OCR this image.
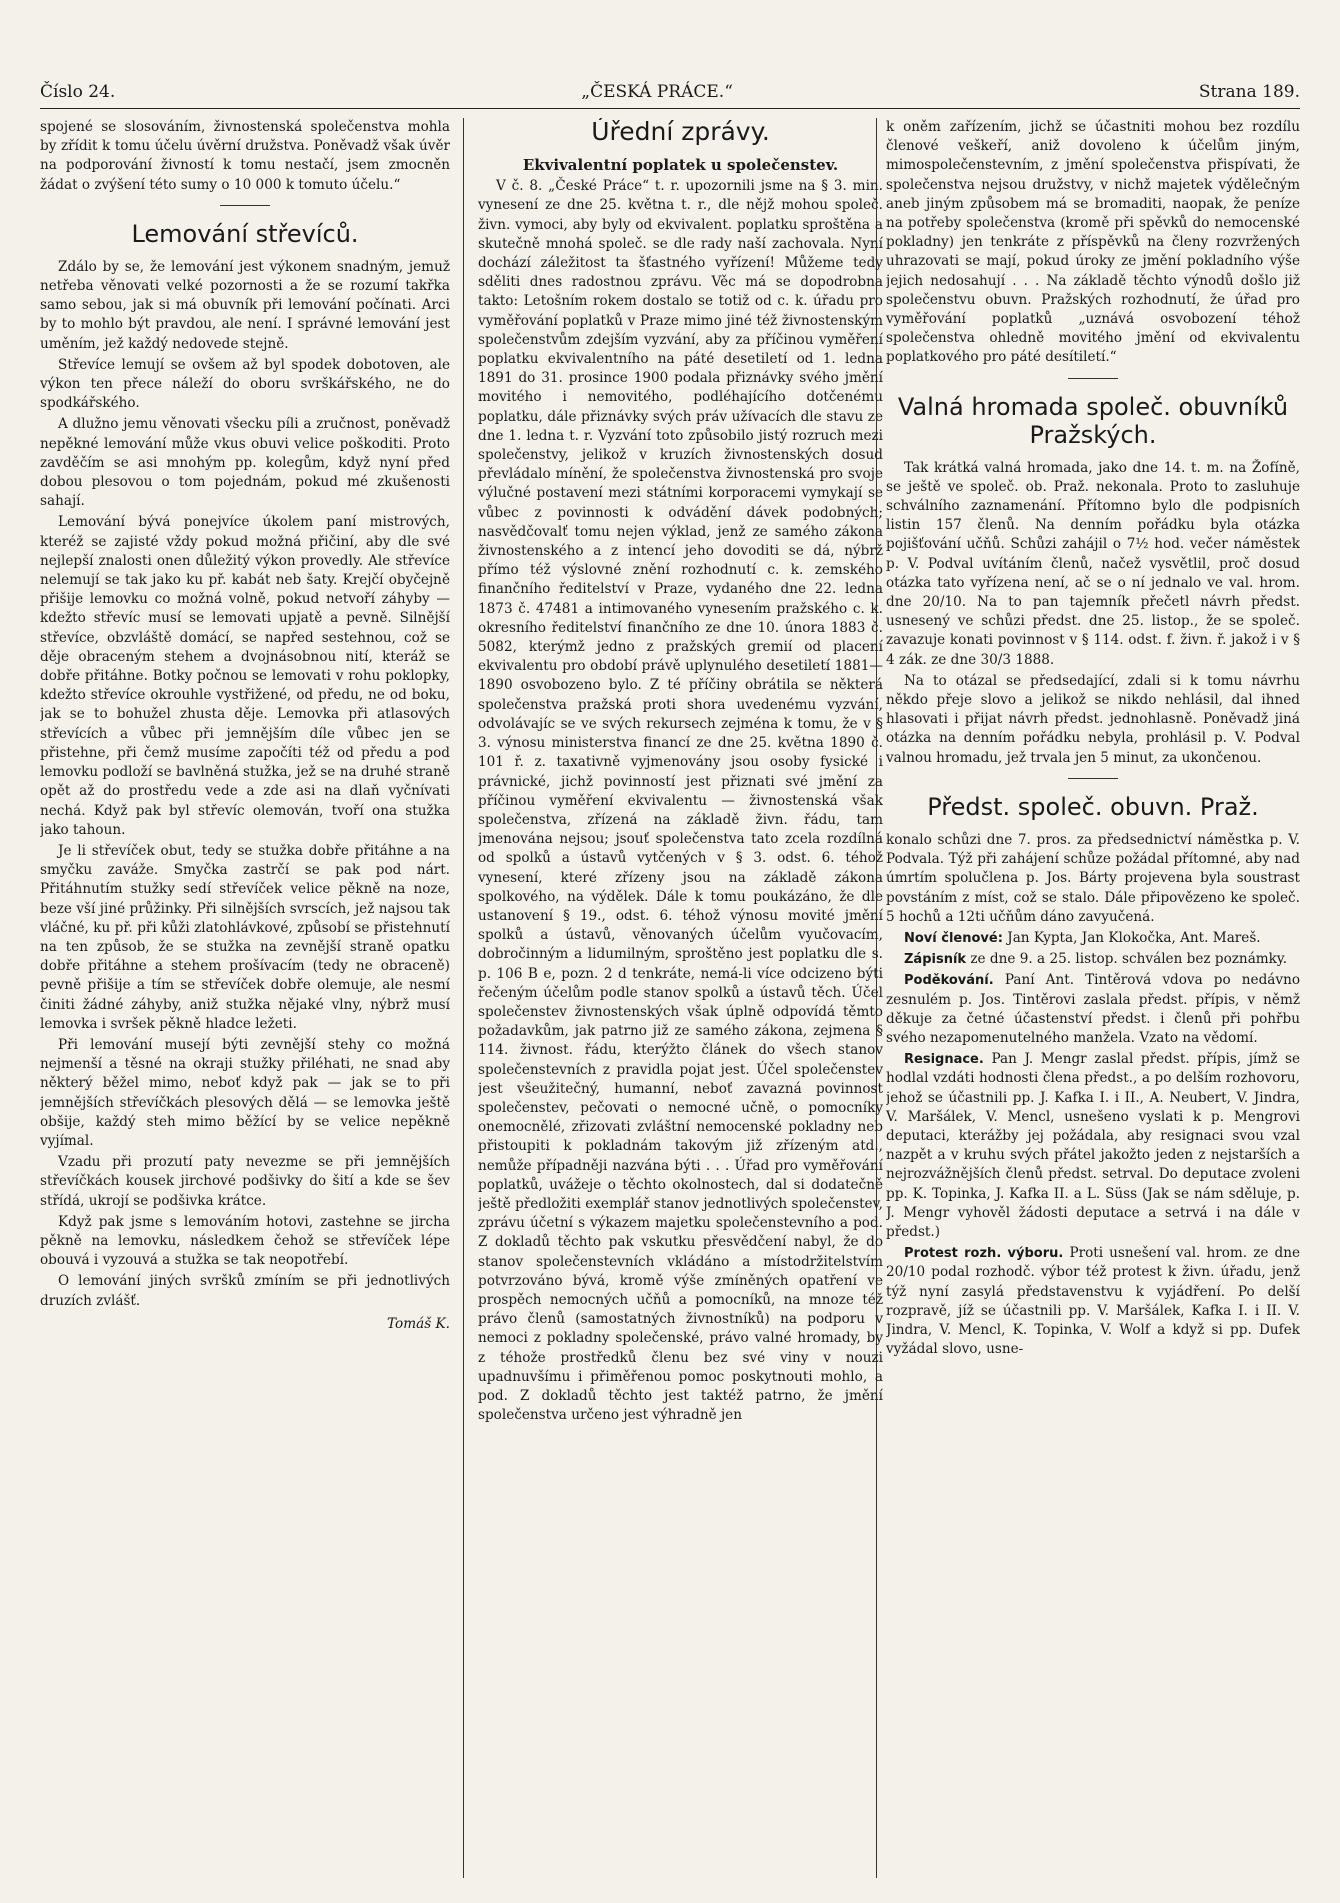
Číslo 24.	„ČESKÁ PRÁCE.“	Strana 189.

spojené se slosováním, živnostenská společenstva mohla by zřídit k tomu účelu úvěrní družstva. Poněvadž však úvěr na podporování živností k tomu nestačí, jsem zmocněn žádat o zvýšení této sumy o 10 000 k tomuto účelu.“

Lemování střevíců.

Zdálo by se, že lemování jest výkonem snadným, jemuž netřeba věnovati velké pozornosti a že se rozumí takřka samo sebou, jak si má obuvník při lemování počínati. Arci by to mohlo být pravdou, ale není. I správné lemování jest uměním, jež každý nedovede stejně.

Střevíce lemují se ovšem až byl spodek dobotoven, ale výkon ten přece náleží do oboru svrškářského, ne do spodkářského.

A dlužno jemu věnovati všecku píli a zručnost, poněvadž nepěkné lemování může vkus obuvi velice poškoditi. Proto zavděčím se asi mnohým pp. kolegům, když nyní před dobou plesovou o tom pojednám, pokud mé zkušenosti sahají.

Lemování bývá ponejvíce úkolem paní mistrových, kteréž se zajisté vždy pokud možná přičiní, aby dle své nejlepší znalosti onen důležitý výkon provedly. Ale střevíce nelemují se tak jako ku př. kabát neb šaty. Krejčí obyčejně přišije lemovku co možná volně, pokud netvoří záhyby — kdežto střevíc musí se lemovati upjatě a pevně. Silnější střevíce, obzvláště domácí, se napřed sestehnou, což se děje obraceným stehem a dvojnásobnou nití, kteráž se dobře přitáhne. Botky počnou se lemovati v rohu poklopky, kdežto střevíce okrouhle vystřižené, od předu, ne od boku, jak se to bohužel zhusta děje. Lemovka při atlasových střevících a vůbec při jemnějším díle vůbec jen se přistehne, při čemž musíme započíti též od předu a pod lemovku podloží se bavlněná stužka, jež se na druhé straně opět až do prostředu vede a zde asi na dlaň vyčnívati nechá. Když pak byl střevíc olemován, tvoří ona stužka jako tahoun.

Je li střevíček obut, tedy se stužka dobře přitáhne a na smyčku zaváže. Smyčka zastrčí se pak pod nárt. Přitáhnutím stužky sedí střevíček velice pěkně na noze, beze vší jiné průžinky. Při silnějších svrscích, jež najsou tak vláčné, ku př. při kůži zlatohlávkové, způsobí se přistehnutí na ten způsob, že se stužka na zevnější straně opatku dobře přitáhne a stehem prošívacím (tedy ne obraceně) pevně přišije a tím se střevíček dobře olemuje, ale nesmí činiti žádné záhyby, aniž stužka nějaké vlny, nýbrž musí lemovka i svršek pěkně hladce ležeti.

Při lemování musejí býti zevnější stehy co možná nejmenší a těsné na okraji stužky přiléhati, ne snad aby některý běžel mimo, neboť když pak — jak se to při jemnějších střevíčkách plesových dělá — se lemovka ještě obšije, každý steh mimo běžící by se velice nepěkně vyjímal.

Vzadu při prozutí paty nevezme se při jemnějších střevíčkách kousek jirchové podšivky do šití a kde se šev střídá, ukrojí se podšivka krátce.

Když pak jsme s lemováním hotovi, zastehne se jircha pěkně na lemovku, následkem čehož se střevíček lépe obouvá i vyzouvá a stužka se tak neopotřebí.

O lemování jiných svršků zmíním se při jednotlivých druzích zvlášť.

Tomáš K.
Úřední zprávy.
Ekvivalentní poplatek u společenstev.

V č. 8. „České Práce“ t. r. upozornili jsme na § 3. min. vynesení ze dne 25. května t. r., dle nějž mohou společ. živn. vymoci, aby byly od ekvivalent. poplatku sproštěna a skutečně mnohá společ. se dle rady naší zachovala. Nyní dochází záležitost ta šťastného vyřízení! Můžeme tedy sděliti dnes radostnou zprávu. Věc má se dopodrobna takto: Letošním rokem dostalo se totiž od c. k. úřadu pro vyměřování poplatků v Praze mimo jiné též živnostenským společenstvům zdejším vyzvání, aby za příčinou vyměření poplatku ekvivalentního na páté desetiletí od 1. ledna 1891 do 31. prosince 1900 podala přiznávky svého jmění movitého i nemovitého, podléhajícího dotčenému poplatku, dále přiznávky svých práv užívacích dle stavu ze dne 1. ledna t. r. Vyzvání toto způsobilo jistý rozruch mezi společenstvy, jelikož v kruzích živnostenských dosud převládalo mínění, že společenstva živnostenská pro svoje výlučné postavení mezi státními korporacemi vymykají se vůbec z povinnosti k odvádění dávek podobných; nasvědčovalť tomu nejen výklad, jenž ze samého zákona živnostenského a z intencí jeho dovoditi se dá, nýbrž přímo též výslovné znění rozhodnutí c. k. zemského finančního ředitelství v Praze, vydaného dne 22. ledna 1873 č. 47481 a intimovaného vynesením pražského c. k. okresního ředitelství finančního ze dne 10. února 1883 č. 5082, kterýmž jedno z pražských gremií od placení ekvivalentu pro období právě uplynulého desetiletí 1881—1890 osvobozeno bylo. Z té příčiny obrátila se některá společenstva pražská proti shora uvedenému vyzvání, odvolávajíc se ve svých rekursech zejména k tomu, že v § 3. výnosu ministerstva financí ze dne 25. května 1890 č. 101 ř. z. taxativně vyjmenovány jsou osoby fysické i právnické, jichž povinností jest přiznati své jmění za příčinou vyměření ekvivalentu — živnostenská však společenstva, zřízená na základě živn. řádu, tam jmenována nejsou; jsouť společenstva tato zcela rozdílná od spolků a ústavů vytčených v § 3. odst. 6. téhož vynesení, které zřízeny jsou na základě zákona spolkového, na výdělek. Dále k tomu poukázáno, že dle ustanovení § 19., odst. 6. téhož výnosu movité jmění spolků a ústavů, věnovaných účelům vyučovacím, dobročinným a lidumilným, sproštěno jest poplatku dle s. p. 106 B e, pozn. 2 d tenkráte, nemá-li více odcizeno býti řečeným účelům podle stanov spolků a ústavů těch. Účel společenstev živnostenských však úplně odpovídá těmto požadavkům, jak patrno již ze samého zákona, zejmena § 114. živnost. řádu, kterýžto článek do všech stanov společenstevních z pravidla pojat jest. Účel společenstev jest všeužitečný, humanní, neboť zavazná povinnost společenstev, pečovati o nemocné učně, o pomocníky onemocnělé, zřizovati zvláštní nemocenské pokladny neb přistoupiti k pokladnám takovým již zřízeným atd., nemůže případněji nazvána býti . . . Úřad pro vyměřování poplatků, uvážeje o těchto okolnostech, dal si dodatečně ještě předložiti exemplář stanov jednotlivých společenstev, zprávu účetní s výkazem majetku společenstevního a pod. Z dokladů těchto pak vskutku přesvědčení nabyl, že do stanov společenstevních vkládáno a místodržitelstvím potvrzováno bývá, kromě výše zmíněných opatření ve prospěch nemocných učňů a pomocníků, na mnoze též právo členů (samostatných živnostníků) na podporu v nemoci z pokladny společenské, právo valné hromady, by z téhože prostředků členu bez své viny v nouzi upadnuvšímu i přiměřenou pomoc poskytnouti mohlo, a pod. Z dokladů těchto jest taktéž patrno, že jmění společenstva určeno jest výhradně jen

k oněm zařízením, jichž se účastniti mohou bez rozdílu členové veškeří, aniž dovoleno k účelům jiným, mimospolečenstevním, z jmění společenstva přispívati, že společenstva nejsou družstvy, v nichž majetek výdělečným aneb jiným způsobem má se bromaditi, naopak, že peníze na potřeby společenstva (kromě při spěvků do nemocenské pokladny) jen tenkráte z příspěvků na členy rozvržených uhrazovati se mají, pokud úroky ze jmění pokladního výše jejich nedosahují . . . Na základě těchto výnodů došlo již společenstvu obuvn. Pražských rozhodnutí, že úřad pro vyměřování poplatků „uznává osvobození téhož společenstva ohledně movitého jmění od ekvivalentu poplatkového pro páté desítiletí.“

Valná hromada společ. obuvníků Pražských.

Tak krátká valná hromada, jako dne 14. t. m. na Žofíně, se ještě ve společ. ob. Praž. nekonala. Proto to zasluhuje schválního zaznamenání. Přítomno bylo dle podpisních listin 157 členů. Na denním pořádku byla otázka pojišťování učňů. Schůzi zahájil o 7½ hod. večer náměstek p. V. Podval uvítáním členů, načež vysvětlil, proč dosud otázka tato vyřízena není, ač se o ní jednalo ve val. hrom. dne 20/10. Na to pan tajemník přečetl návrh předst. usnesený ve schůzi předst. dne 25. listop., že se společ. zavazuje konati povinnost v § 114. odst. f. živn. ř. jakož i v § 4 zák. ze dne 30/3 1888.

Na to otázal se předsedající, zdali si k tomu návrhu někdo přeje slovo a jelikož se nikdo nehlásil, dal ihned hlasovati i přijat návrh předst. jednohlasně. Poněvadž jiná otázka na denním pořádku nebyla, prohlásil p. V. Podval valnou hromadu, jež trvala jen 5 minut, za ukončenou.

Předst. společ. obuvn. Praž.

konalo schůzi dne 7. pros. za předsednictví náměstka p. V. Podvala. Týž při zahájení schůze požádal přítomné, aby nad úmrtím spolučlena p. Jos. Bárty projevena byla soustrast povstáním z míst, což se stalo. Dále připovězeno ke společ. 5 hochů a 12ti učňům dáno zavyučená.

Noví členové: Jan Kypta, Jan Klokočka, Ant. Mareš.

Zápisník ze dne 9. a 25. listop. schválen bez poznámky.

Poděkování. Paní Ant. Tintěrová vdova po nedávno zesnulém p. Jos. Tintěrovi zaslala předst. přípis, v němž děkuje za četné účastenství předst. i členů při pohřbu svého nezapomenutelného manžela. Vzato na vědomí.

Resignace. Pan J. Mengr zaslal předst. přípis, jímž se hodlal vzdáti hodnosti člena předst., a po delším rozhovoru, jehož se účastnili pp. J. Kafka I. i II., A. Neubert, V. Jindra, V. Maršálek, V. Mencl, usnešeno vyslati k p. Mengrovi deputaci, kterážby jej požádala, aby resignaci svou vzal nazpět a v kruhu svých přátel jakožto jeden z nejstarších a nejrozvážnějších členů předst. setrval. Do deputace zvoleni pp. K. Topinka, J. Kafka II. a L. Süss (Jak se nám sděluje, p. J. Mengr vyhověl žádosti deputace a setrvá i na dále v předst.)

Protest rozh. výboru. Proti usnešení val. hrom. ze dne 20/10 podal rozhodč. výbor též protest k živn. úřadu, jenž týž nyní zasylá představenstvu k vyjádření. Po delší rozpravě, jíž se účastnili pp. V. Maršálek, Kafka I. i II. V. Jindra, V. Mencl, K. Topinka, V. Wolf a když si pp. Dufek vyžádal slovo, usne-
